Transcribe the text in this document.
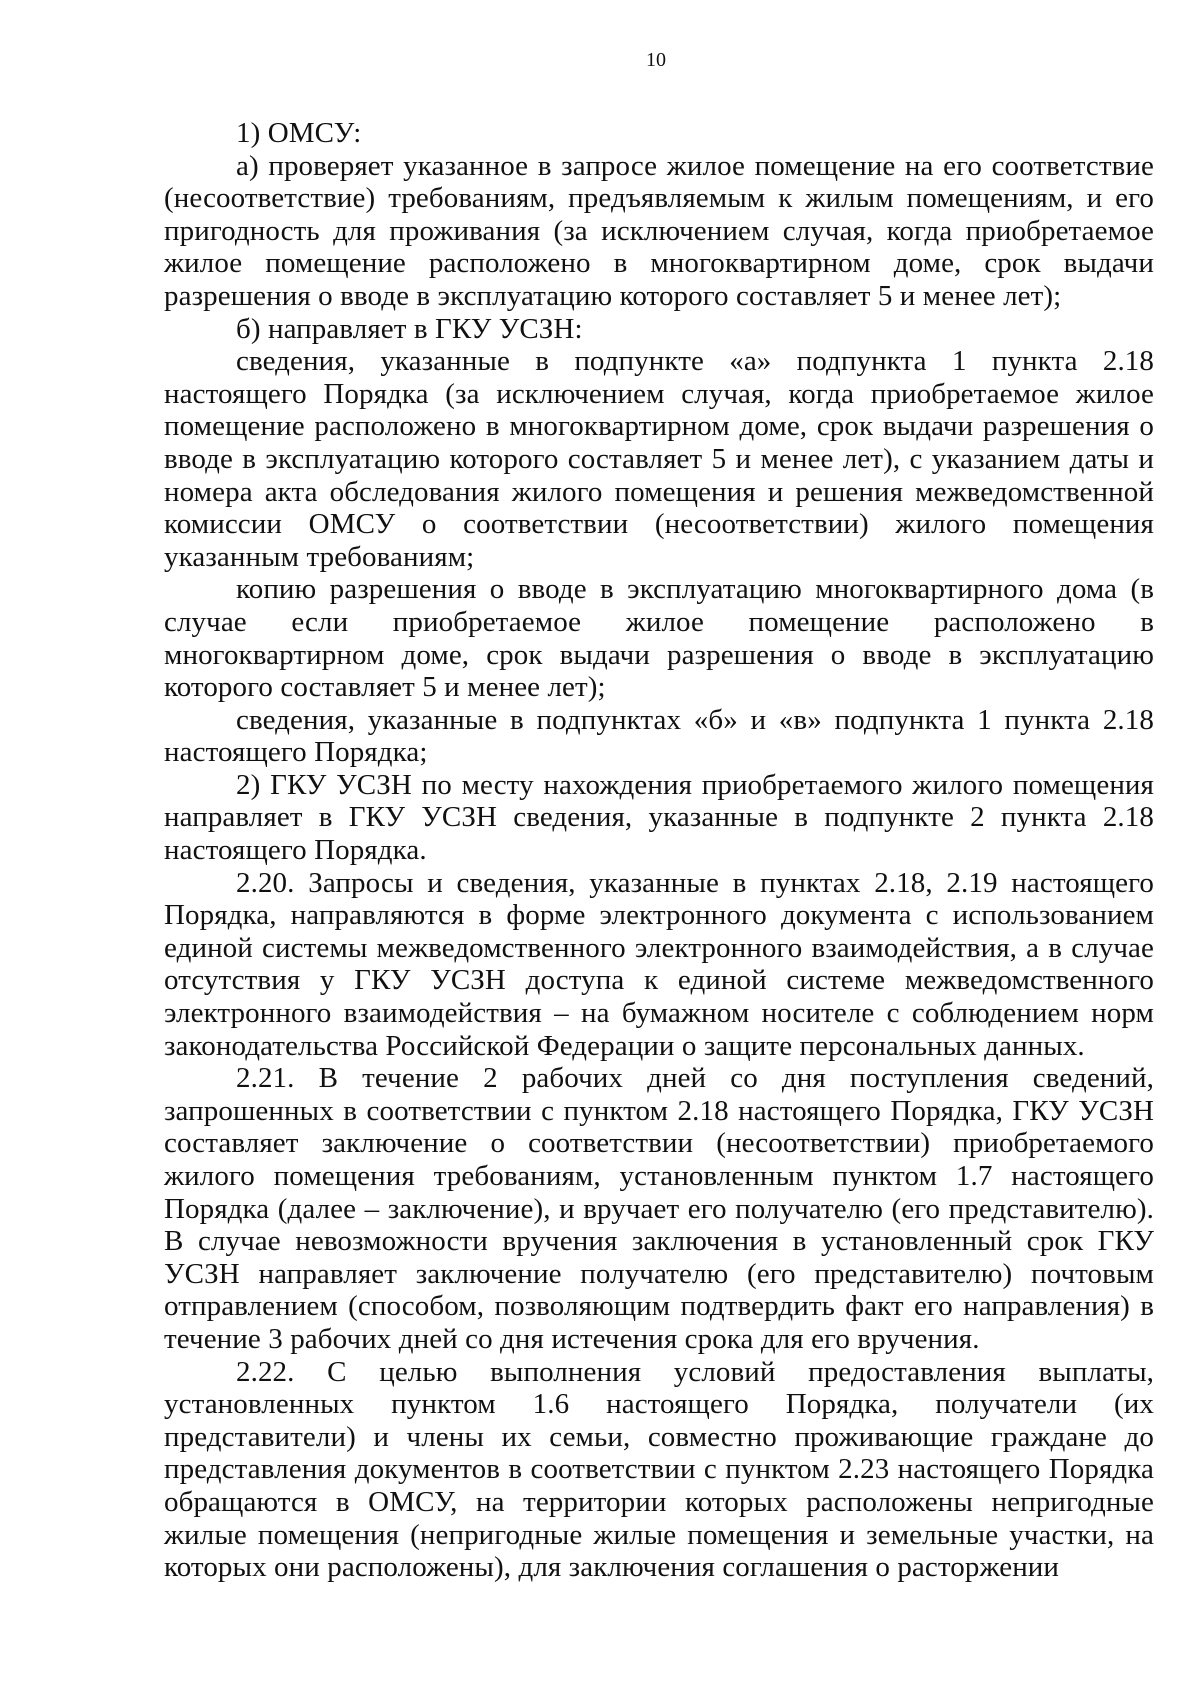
10

1) ОМСУ:

а) проверяет указанное в запросе жилое помещение на его соответствие (несоответствие) требованиям, предъявляемым к жилым помещениям, и его пригодность для проживания (за исключением случая, когда приобретаемое жилое помещение расположено в многоквартирном доме, срок выдачи разрешения о вводе в эксплуатацию которого составляет 5 и менее лет);

б) направляет в ГКУ УСЗН:

сведения, указанные в подпункте «а» подпункта 1 пункта 2.18 настоящего Порядка (за исключением случая, когда приобретаемое жилое помещение расположено в многоквартирном доме, срок выдачи разрешения о вводе в эксплуатацию которого составляет 5 и менее лет), с указанием даты и номера акта обследования жилого помещения и решения межведомственной комиссии ОМСУ о соответствии (несоответствии) жилого помещения указанным требованиям;

копию разрешения о вводе в эксплуатацию многоквартирного дома (в случае если приобретаемое жилое помещение расположено в многоквартирном доме, срок выдачи разрешения о вводе в эксплуатацию которого составляет 5 и менее лет);

сведения, указанные в подпунктах «б» и «в» подпункта 1 пункта 2.18 настоящего Порядка;

2) ГКУ УСЗН по месту нахождения приобретаемого жилого помещения направляет в ГКУ УСЗН сведения, указанные в подпункте 2 пункта 2.18 настоящего Порядка.

2.20. Запросы и сведения, указанные в пунктах 2.18, 2.19 настоящего Порядка, направляются в форме электронного документа с использованием единой системы межведомственного электронного взаимодействия, а в случае отсутствия у ГКУ УСЗН доступа к единой системе межведомственного электронного взаимодействия – на бумажном носителе с соблюдением норм законодательства Российской Федерации о защите персональных данных.

2.21. В течение 2 рабочих дней со дня поступления сведений, запрошенных в соответствии с пунктом 2.18 настоящего Порядка, ГКУ УСЗН составляет заключение о соответствии (несоответствии) приобретаемого жилого помещения требованиям, установленным пунктом 1.7 настоящего Порядка (далее – заключение), и вручает его получателю (его представителю). В случае невозможности вручения заключения в установленный срок ГКУ УСЗН направляет заключение получателю (его представителю) почтовым отправлением (способом, позволяющим подтвердить факт его направления) в течение 3 рабочих дней со дня истечения срока для его вручения.

2.22. С целью выполнения условий предоставления выплаты, установленных пунктом 1.6 настоящего Порядка, получатели (их представители) и члены их семьи, совместно проживающие граждане до представления документов в соответствии с пунктом 2.23 настоящего Порядка обращаются в ОМСУ, на территории которых расположены непригодные жилые помещения (непригодные жилые помещения и земельные участки, на которых они расположены), для заключения соглашения о расторжении
